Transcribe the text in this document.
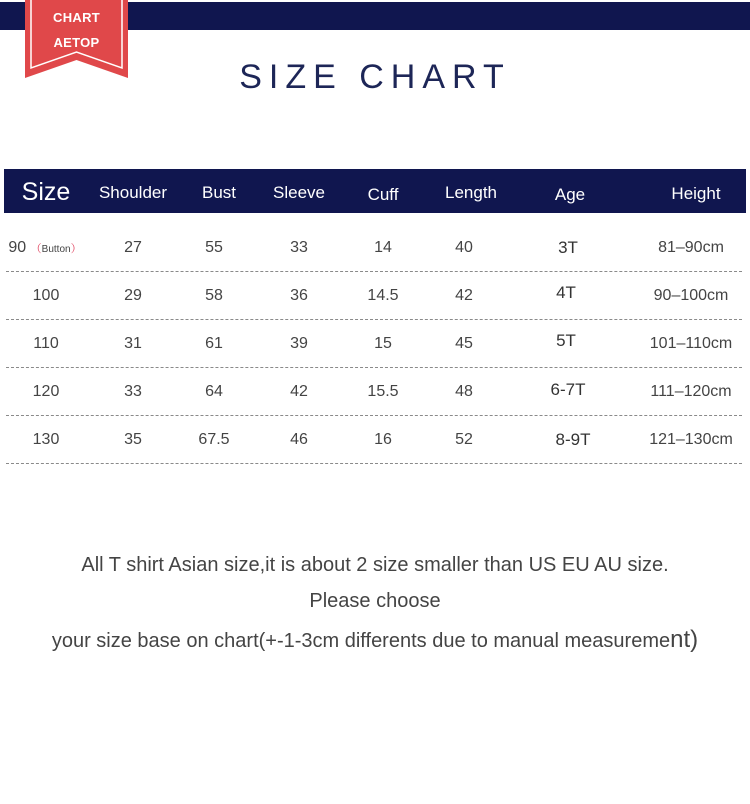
CHART
AETOP
SIZE CHART
Size	Shoulder	Bust	Sleeve	Cuff	Length	Age	Height
90 （Button）	27	55	33	14	40	3T	81–90cm
100	29	58	36	14.5	42	4T	90–100cm
110	31	61	39	15	45	5T	101–110cm
120	33	64	42	15.5	48	6-7T	111–120cm
130	35	67.5	46	16	52	8-9T	121–130cm
All T shirt Asian size,it is about 2 size smaller than US EU AU size.
Please choose
your size base on chart(+-1-3cm differents due to manual measurement)
